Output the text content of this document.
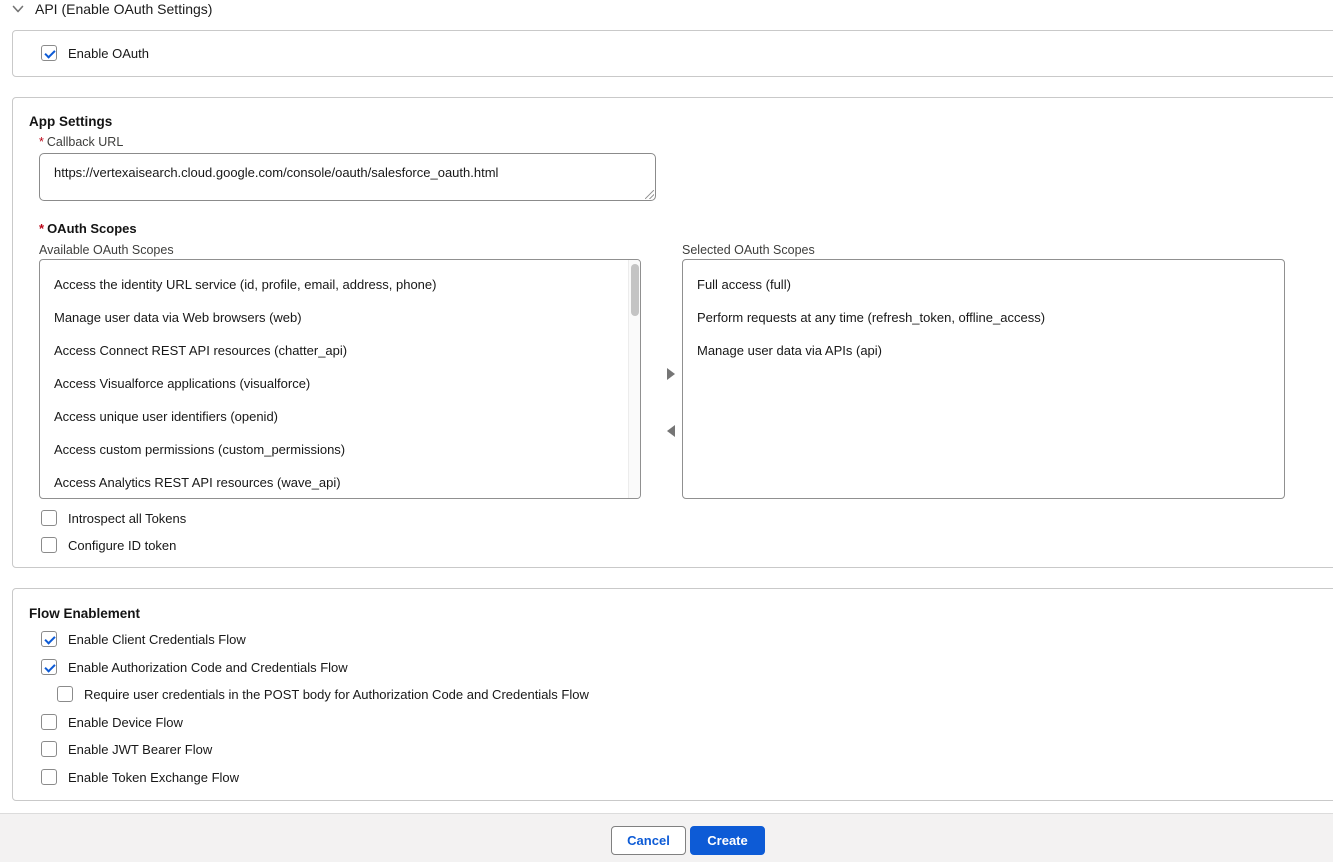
API (Enable OAuth Settings)
Enable OAuth
App Settings
* Callback URL
https://vertexaisearch.cloud.google.com/console/oauth/salesforce_oauth.html
* OAuth Scopes
Available OAuth Scopes	Selected OAuth Scopes
Access the identity URL service (id, profile, email, address, phone)
Manage user data via Web browsers (web)
Access Connect REST API resources (chatter_api)
Access Visualforce applications (visualforce)
Access unique user identifiers (openid)
Access custom permissions (custom_permissions)
Access Analytics REST API resources (wave_api)
Full access (full)
Perform requests at any time (refresh_token, offline_access)
Manage user data via APIs (api)
Introspect all Tokens
Configure ID token
Flow Enablement
Enable Client Credentials Flow
Enable Authorization Code and Credentials Flow
Require user credentials in the POST body for Authorization Code and Credentials Flow
Enable Device Flow
Enable JWT Bearer Flow
Enable Token Exchange Flow
Cancel	Create
